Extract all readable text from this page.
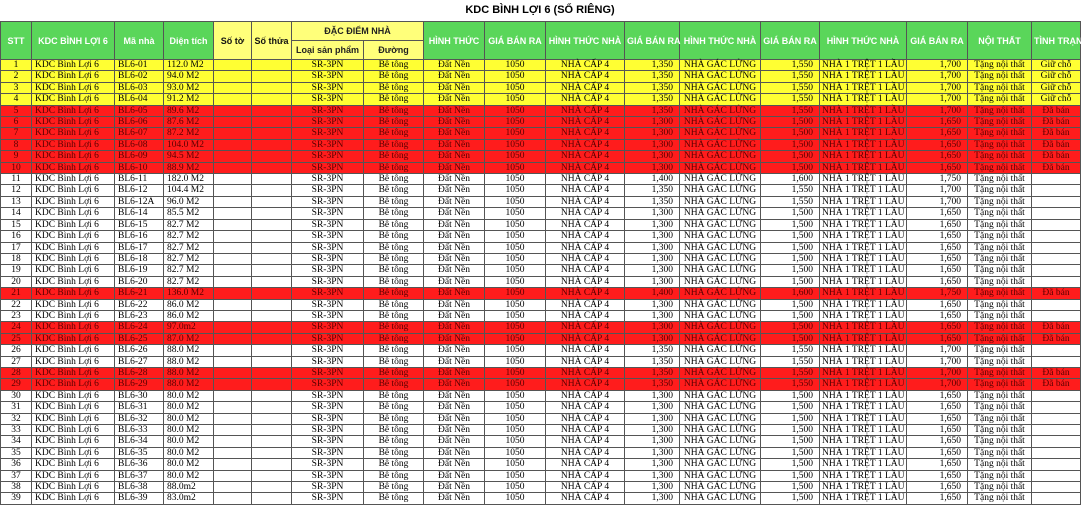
KDC BÌNH LỢI 6 (SỔ RIÊNG)
STT	KDC BÌNH LỢI 6	Mã nhà	Diện tích	Số tờ	Số thửa	ĐẶC ĐIỂM NHÀ		HÌNH THỨC	GIÁ BÁN RA	HÌNH THỨC NHÀ	GIÁ BÁN RA	HÌNH THỨC NHÀ	GIÁ BÁN RA	HÌNH THỨC NHÀ	GIÁ BÁN RA	NỘI THẤT	TÌNH TRẠNG
						Loại sản phẩm	Đường										
1	KDC Bình Lợi 6	BL6-01	112.0 M2			SR-3PN	Bê tông	Đất Nền	1050	NHÀ CẤP 4	1,350	NHÀ GÁC LỬNG	1,550	NHÀ 1 TRỆT 1 LẦU	1,700	Tặng nội thất	Giữ chỗ
2	KDC Bình Lợi 6	BL6-02	94.0 M2			SR-3PN	Bê tông	Đất Nền	1050	NHÀ CẤP 4	1,350	NHÀ GÁC LỬNG	1,550	NHÀ 1 TRỆT 1 LẦU	1,700	Tặng nội thất	Giữ chỗ
3	KDC Bình Lợi 6	BL6-03	93.0 M2			SR-3PN	Bê tông	Đất Nền	1050	NHÀ CẤP 4	1,350	NHÀ GÁC LỬNG	1,550	NHÀ 1 TRỆT 1 LẦU	1,700	Tặng nội thất	Giữ chỗ
4	KDC Bình Lợi 6	BL6-04	91.2 M2			SR-3PN	Bê tông	Đất Nền	1050	NHÀ CẤP 4	1,350	NHÀ GÁC LỬNG	1,550	NHÀ 1 TRỆT 1 LẦU	1,700	Tặng nội thất	Giữ chỗ
5	KDC Bình Lợi 6	BL6-05	89.6 M2			SR-3PN	Bê tông	Đất Nền	1050	NHÀ CẤP 4	1,350	NHÀ GÁC LỬNG	1,550	NHÀ 1 TRỆT 1 LẦU	1,700	Tặng nội thất	Đã bán
6	KDC Bình Lợi 6	BL6-06	87.6 M2			SR-3PN	Bê tông	Đất Nền	1050	NHÀ CẤP 4	1,300	NHÀ GÁC LỬNG	1,500	NHÀ 1 TRỆT 1 LẦU	1,650	Tặng nội thất	Đã bán
7	KDC Bình Lợi 6	BL6-07	87.2 M2			SR-3PN	Bê tông	Đất Nền	1050	NHÀ CẤP 4	1,300	NHÀ GÁC LỬNG	1,500	NHÀ 1 TRỆT 1 LẦU	1,650	Tặng nội thất	Đã bán
8	KDC Bình Lợi 6	BL6-08	104.0 M2			SR-3PN	Bê tông	Đất Nền	1050	NHÀ CẤP 4	1,300	NHÀ GÁC LỬNG	1,500	NHÀ 1 TRỆT 1 LẦU	1,650	Tặng nội thất	Đã bán
9	KDC Bình Lợi 6	BL6-09	94.5 M2			SR-3PN	Bê tông	Đất Nền	1050	NHÀ CẤP 4	1,300	NHÀ GÁC LỬNG	1,500	NHÀ 1 TRỆT 1 LẦU	1,650	Tặng nội thất	Đã bán
10	KDC Bình Lợi 6	BL6-10	88.9 M2			SR-3PN	Bê tông	Đất Nền	1050	NHÀ CẤP 4	1,300	NHÀ GÁC LỬNG	1,500	NHÀ 1 TRỆT 1 LẦU	1,650	Tặng nội thất	Đã bán
11	KDC Bình Lợi 6	BL6-11	182.0 M2			SR-3PN	Bê tông	Đất Nền	1050	NHÀ CẤP 4	1,400	NHÀ GÁC LỬNG	1,600	NHÀ 1 TRỆT 1 LẦU	1,750	Tặng nội thất	
12	KDC Bình Lợi 6	BL6-12	104.4 M2			SR-3PN	Bê tông	Đất Nền	1050	NHÀ CẤP 4	1,350	NHÀ GÁC LỬNG	1,550	NHÀ 1 TRỆT 1 LẦU	1,700	Tặng nội thất	
13	KDC Bình Lợi 6	BL6-12A	96.0 M2			SR-3PN	Bê tông	Đất Nền	1050	NHÀ CẤP 4	1,350	NHÀ GÁC LỬNG	1,550	NHÀ 1 TRỆT 1 LẦU	1,700	Tặng nội thất	
14	KDC Bình Lợi 6	BL6-14	85.5 M2			SR-3PN	Bê tông	Đất Nền	1050	NHÀ CẤP 4	1,300	NHÀ GÁC LỬNG	1,500	NHÀ 1 TRỆT 1 LẦU	1,650	Tặng nội thất	
15	KDC Bình Lợi 6	BL6-15	82.7 M2			SR-3PN	Bê tông	Đất Nền	1050	NHÀ CẤP 4	1,300	NHÀ GÁC LỬNG	1,500	NHÀ 1 TRỆT 1 LẦU	1,650	Tặng nội thất	
16	KDC Bình Lợi 6	BL6-16	82.7 M2			SR-3PN	Bê tông	Đất Nền	1050	NHÀ CẤP 4	1,300	NHÀ GÁC LỬNG	1,500	NHÀ 1 TRỆT 1 LẦU	1,650	Tặng nội thất	
17	KDC Bình Lợi 6	BL6-17	82.7 M2			SR-3PN	Bê tông	Đất Nền	1050	NHÀ CẤP 4	1,300	NHÀ GÁC LỬNG	1,500	NHÀ 1 TRỆT 1 LẦU	1,650	Tặng nội thất	
18	KDC Bình Lợi 6	BL6-18	82.7 M2			SR-3PN	Bê tông	Đất Nền	1050	NHÀ CẤP 4	1,300	NHÀ GÁC LỬNG	1,500	NHÀ 1 TRỆT 1 LẦU	1,650	Tặng nội thất	
19	KDC Bình Lợi 6	BL6-19	82.7 M2			SR-3PN	Bê tông	Đất Nền	1050	NHÀ CẤP 4	1,300	NHÀ GÁC LỬNG	1,500	NHÀ 1 TRỆT 1 LẦU	1,650	Tặng nội thất	
20	KDC Bình Lợi 6	BL6-20	82.7 M2			SR-3PN	Bê tông	Đất Nền	1050	NHÀ CẤP 4	1,300	NHÀ GÁC LỬNG	1,500	NHÀ 1 TRỆT 1 LẦU	1,650	Tặng nội thất	
21	KDC Bình Lợi 6	BL6-21	136.0 M2			SR-3PN	Bê tông	Đất Nền	1050	NHÀ CẤP 4	1,400	NHÀ GÁC LỬNG	1,600	NHÀ 1 TRỆT 1 LẦU	1,750	Tặng nội thất	Đã bán
22	KDC Bình Lợi 6	BL6-22	86.0 M2			SR-3PN	Bê tông	Đất Nền	1050	NHÀ CẤP 4	1,300	NHÀ GÁC LỬNG	1,500	NHÀ 1 TRỆT 1 LẦU	1,650	Tặng nội thất	
23	KDC Bình Lợi 6	BL6-23	86.0 M2			SR-3PN	Bê tông	Đất Nền	1050	NHÀ CẤP 4	1,300	NHÀ GÁC LỬNG	1,500	NHÀ 1 TRỆT 1 LẦU	1,650	Tặng nội thất	
24	KDC Bình Lợi 6	BL6-24	97.0m2			SR-3PN	Bê tông	Đất Nền	1050	NHÀ CẤP 4	1,300	NHÀ GÁC LỬNG	1,500	NHÀ 1 TRỆT 1 LẦU	1,650	Tặng nội thất	Đã bán
25	KDC Bình Lợi 6	BL6-25	87.0 M2			SR-3PN	Bê tông	Đất Nền	1050	NHÀ CẤP 4	1,300	NHÀ GÁC LỬNG	1,500	NHÀ 1 TRỆT 1 LẦU	1,650	Tặng nội thất	Đã bán
26	KDC Bình Lợi 6	BL6-26	88.0 M2			SR-3PN	Bê tông	Đất Nền	1050	NHÀ CẤP 4	1,350	NHÀ GÁC LỬNG	1,550	NHÀ 1 TRỆT 1 LẦU	1,700	Tặng nội thất	
27	KDC Bình Lợi 6	BL6-27	88.0 M2			SR-3PN	Bê tông	Đất Nền	1050	NHÀ CẤP 4	1,350	NHÀ GÁC LỬNG	1,550	NHÀ 1 TRỆT 1 LẦU	1,700	Tặng nội thất	
28	KDC Bình Lợi 6	BL6-28	88.0 M2			SR-3PN	Bê tông	Đất Nền	1050	NHÀ CẤP 4	1,350	NHÀ GÁC LỬNG	1,550	NHÀ 1 TRỆT 1 LẦU	1,700	Tặng nội thất	Đã bán
29	KDC Bình Lợi 6	BL6-29	88.0 M2			SR-3PN	Bê tông	Đất Nền	1050	NHÀ CẤP 4	1,350	NHÀ GÁC LỬNG	1,550	NHÀ 1 TRỆT 1 LẦU	1,700	Tặng nội thất	Đã bán
30	KDC Bình Lợi 6	BL6-30	80.0 M2			SR-3PN	Bê tông	Đất Nền	1050	NHÀ CẤP 4	1,300	NHÀ GÁC LỬNG	1,500	NHÀ 1 TRỆT 1 LẦU	1,650	Tặng nội thất	
31	KDC Bình Lợi 6	BL6-31	80.0 M2			SR-3PN	Bê tông	Đất Nền	1050	NHÀ CẤP 4	1,300	NHÀ GÁC LỬNG	1,500	NHÀ 1 TRỆT 1 LẦU	1,650	Tặng nội thất	
32	KDC Bình Lợi 6	BL6-32	80.0 M2			SR-3PN	Bê tông	Đất Nền	1050	NHÀ CẤP 4	1,300	NHÀ GÁC LỬNG	1,500	NHÀ 1 TRỆT 1 LẦU	1,650	Tặng nội thất	
33	KDC Bình Lợi 6	BL6-33	80.0 M2			SR-3PN	Bê tông	Đất Nền	1050	NHÀ CẤP 4	1,300	NHÀ GÁC LỬNG	1,500	NHÀ 1 TRỆT 1 LẦU	1,650	Tặng nội thất	
34	KDC Bình Lợi 6	BL6-34	80.0 M2			SR-3PN	Bê tông	Đất Nền	1050	NHÀ CẤP 4	1,300	NHÀ GÁC LỬNG	1,500	NHÀ 1 TRỆT 1 LẦU	1,650	Tặng nội thất	
35	KDC Bình Lợi 6	BL6-35	80.0 M2			SR-3PN	Bê tông	Đất Nền	1050	NHÀ CẤP 4	1,300	NHÀ GÁC LỬNG	1,500	NHÀ 1 TRỆT 1 LẦU	1,650	Tặng nội thất	
36	KDC Bình Lợi 6	BL6-36	80.0 M2			SR-3PN	Bê tông	Đất Nền	1050	NHÀ CẤP 4	1,300	NHÀ GÁC LỬNG	1,500	NHÀ 1 TRỆT 1 LẦU	1,650	Tặng nội thất	
37	KDC Bình Lợi 6	BL6-37	80.0 M2			SR-3PN	Bê tông	Đất Nền	1050	NHÀ CẤP 4	1,300	NHÀ GÁC LỬNG	1,500	NHÀ 1 TRỆT 1 LẦU	1,650	Tặng nội thất	
38	KDC Bình Lợi 6	BL6-38	88.0m2			SR-3PN	Bê tông	Đất Nền	1050	NHÀ CẤP 4	1,300	NHÀ GÁC LỬNG	1,500	NHÀ 1 TRỆT 1 LẦU	1,650	Tặng nội thất	
39	KDC Bình Lợi 6	BL6-39	83.0m2			SR-3PN	Bê tông	Đất Nền	1050	NHÀ CẤP 4	1,300	NHÀ GÁC LỬNG	1,500	NHÀ 1 TRỆT 1 LẦU	1,650	Tặng nội thất	
